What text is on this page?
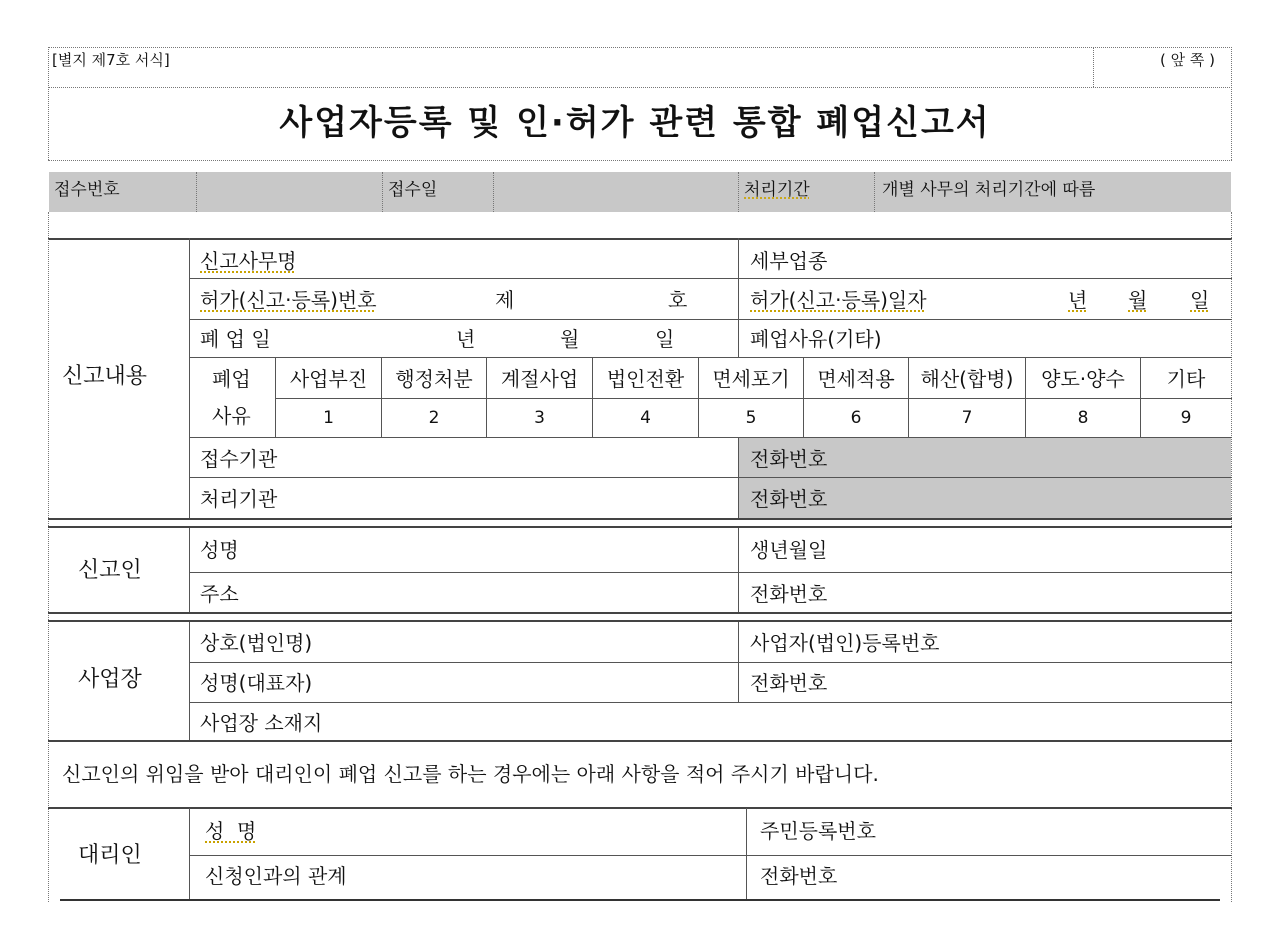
[별지 제7호 서식]	( 앞 쪽 )
사업자등록 및 인·허가 관련 통합 폐업신고서
접수번호	접수일	처리기간	개별 사무의 처리기간에 따름
신고내용
신고사무명	세부업종
허가(신고·등록)번호	제	호	허가(신고·등록)일자	년 월 일
폐 업 일	년	월	일	폐업사유(기타)
폐업
사유
사업부진	행정처분	계절사업	법인전환	면세포기	면세적용	해산(합병)	양도·양수	기타
1	2	3	4	5	6	7	8	9
접수기관	전화번호
처리기관	전화번호
신고인
성명	생년월일
주소	전화번호
사업장
상호(법인명)	사업자(법인)등록번호
성명(대표자)	전화번호
사업장 소재지
신고인의 위임을 받아 대리인이 폐업 신고를 하는 경우에는 아래 사항을 적어 주시기 바랍니다.
대리인
성  명	주민등록번호
신청인과의 관계	전화번호
